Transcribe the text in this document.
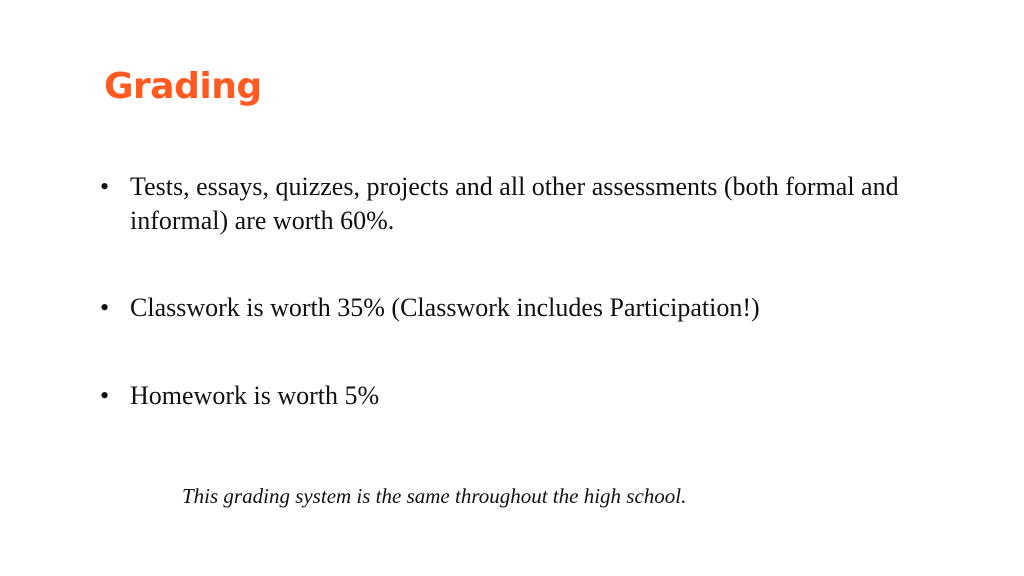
Grading
• Tests, essays, quizzes, projects and all other assessments (both formal and informal) are worth 60%.
• Classwork is worth 35% (Classwork includes Participation!)
• Homework is worth 5%

This grading system is the same throughout the high school.
